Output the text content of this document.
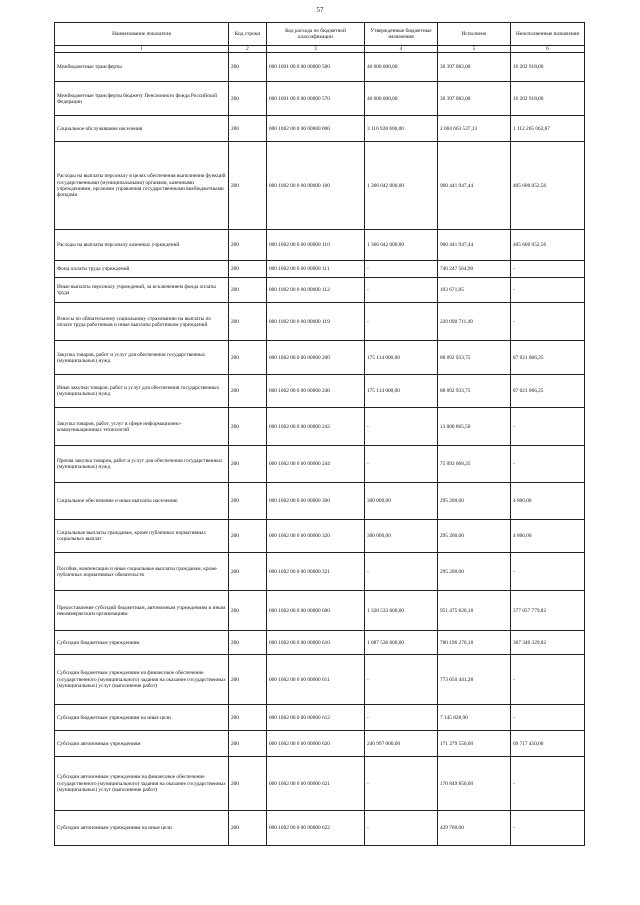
57
Наименование показателя	Код строки	Код расхода по бюджетной классификации	Утвержденные бюджетные назначения	Исполнено	Неисполненные назначения
1	2	3	4	5	6
Межбюджетные трансферты	200	000 1001 00 0 00 00000 500	46 600 000,00	30 397 082,00	16 202 918,00
Межбюджетные трансферты бюджету Пенсионного фонда Российской Федерации	200	000 1001 00 0 00 00000 570	46 600 000,00	30 397 082,00	16 202 918,00
Социальное обслуживание населения	200	000 1002 00 0 00 00000 000	3 116 928 600,00	2 004 663 537,13	1 112 265 062,87
Расходы на выплаты персоналу в целях обеспечения выполнения функций государственными (муниципальными) органами, казенными учреждениями, органами управления государственными внебюджетными фондами	200	000 1002 00 0 00 00000 100	1 366 042 000,00	960 441 947,44	405 600 052,56
Расходы на выплаты персоналу казенных учреждений	200	000 1002 00 0 00 00000 110	1 366 042 000,00	960 441 947,44	405 600 052,56
Фонд оплаты труда учреждений	200	000 1002 00 0 00 00000 111	-	740 247 564,90	-
Иные выплаты персоналу учреждений, за исключением фонда оплаты труда	200	000 1002 00 0 00 00000 112	-	103 671,05	-
Взносы по обязательному социальному страхованию на выплаты по оплате труда работников и иные выплаты работникам учреждений	200	000 1002 00 0 00 00000 119	-	220 090 711,49	-
Закупка товаров, работ и услуг для обеспечения государственных (муниципальных) нужд	200	000 1002 00 0 00 00000 200	175 114 000,00	88 092 933,75	87 021 066,25
Иные закупки товаров, работ и услуг для обеспечения государственных (муниципальных) нужд	200	000 1002 00 0 00 00000 240	175 114 000,00	88 092 933,75	87 021 066,25
Закупка товаров, работ, услуг в сфере информационно-коммуникационных технологий	200	000 1002 00 0 00 00000 242	-	13 000 865,50	-
Прочая закупка товаров, работ и услуг для обеспечения государственных (муниципальных) нужд	200	000 1002 00 0 00 00000 244	-	75 092 068,25	-
Социальное обеспечение и иные выплаты населению	200	000 1002 00 0 00 00000 300	300 000,00	295 200,00	4 800,00
Социальные выплаты гражданам, кроме публичных нормативных социальных выплат	200	000 1002 00 0 00 00000 320	300 000,00	295 200,00	4 800,00
Пособия, компенсации и иные социальные выплаты гражданам, кроме публичных нормативных обязательств	200	000 1002 00 0 00 00000 321	-	295 200,00	-
Предоставление субсидий бюджетным, автономным учреждениям и иным некоммерческим организациям	200	000 1002 00 0 00 00000 600	1 328 533 600,00	951 475 820,18	377 057 779,82
Субсидии бюджетным учреждениям	200	000 1002 00 0 00 00000 610	1 087 536 600,00	780 196 270,18	307 340 329,82
Субсидии бюджетным учреждениям на финансовое обеспечение государственного (муниципального) задания на оказание государственных (муниципальных) услуг (выполнение работ)	200	000 1002 00 0 00 00000 611	-	773 050 441,28	-
Субсидии бюджетным учреждениям на иные цели	200	000 1002 00 0 00 00000 612	-	7 145 828,90	-
Субсидии автономным учреждениям	200	000 1002 00 0 00 00000 620	240 997 000,00	171 279 550,00	69 717 450,00
Субсидии автономным учреждениям на финансовое обеспечение государственного (муниципального) задания на оказание государственных (муниципальных) услуг (выполнение работ)	200	000 1002 00 0 00 00000 621	-	170 849 850,00	-
Субсидии автономным учреждениям на иные цели	200	000 1002 00 0 00 00000 622	-	429 700,00	-
